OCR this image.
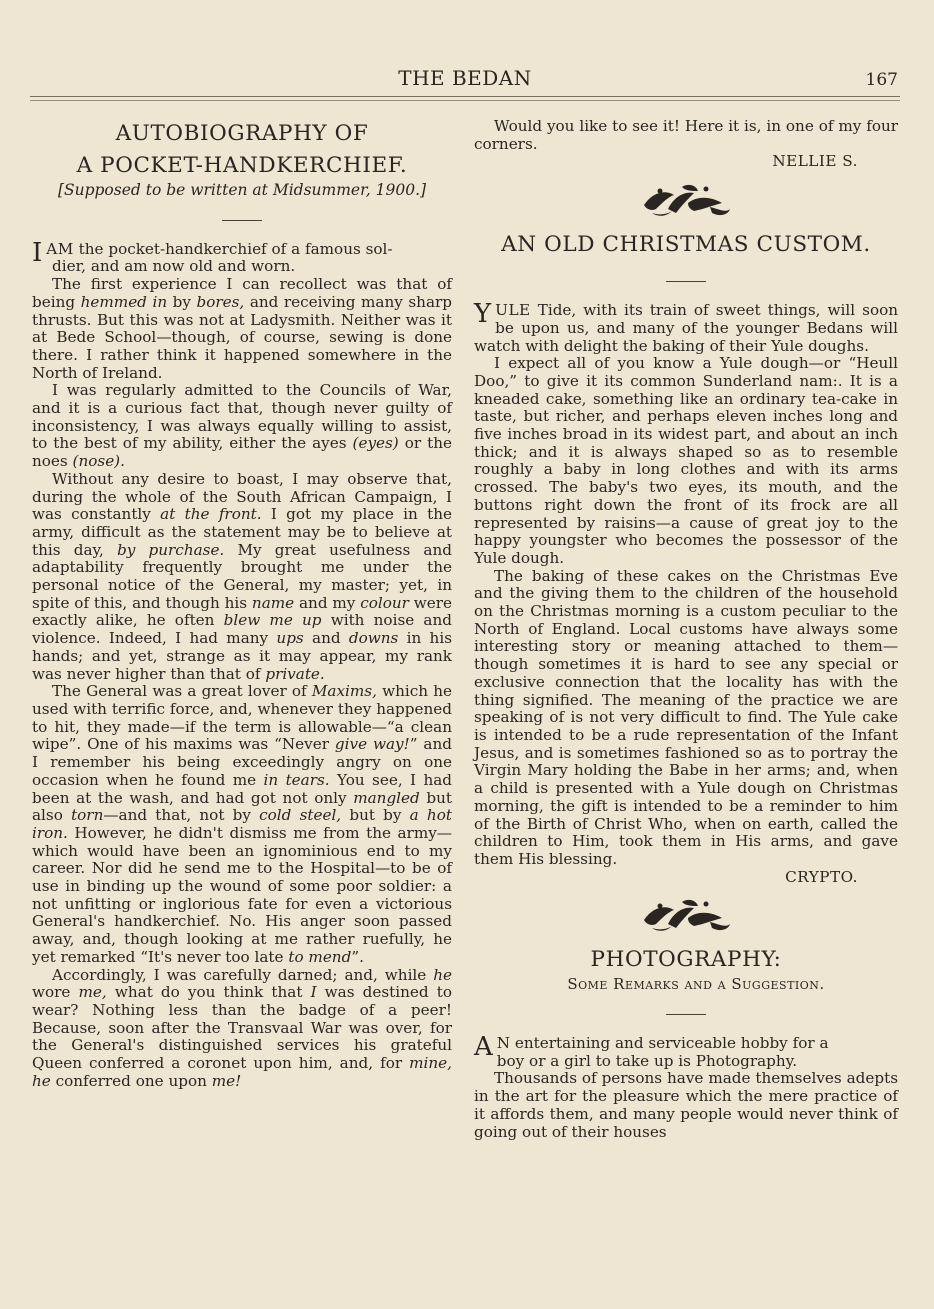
THE BEDAN	167
AUTOBIOGRAPHY OF
A POCKET-HANDKERCHIEF.

[Supposed to be written at Midsummer, 1900.]

IAM the pocket-handkerchief of a famous sol-
dier, and am now old and worn.

The first experience I can recollect was that of being hemmed in by bores, and receiving many sharp thrusts. But this was not at Ladysmith. Neither was it at Bede School—though, of course, sewing is done there. I rather think it happened somewhere in the North of Ireland.

I was regularly admitted to the Councils of War, and it is a curious fact that, though never guilty of inconsistency, I was always equally willing to assist, to the best of my ability, either the ayes (eyes) or the noes (nose).

Without any desire to boast, I may observe that, during the whole of the South African Campaign, I was constantly at the front. I got my place in the army, difficult as the statement may be to believe at this day, by purchase. My great usefulness and adaptability frequently brought me under the personal notice of the General, my master; yet, in spite of this, and though his name and my colour were exactly alike, he often blew me up with noise and violence. Indeed, I had many ups and downs in his hands; and yet, strange as it may appear, my rank was never higher than that of private.

The General was a great lover of Maxims, which he used with terrific force, and, whenever they happened to hit, they made—if the term is allowable—“a clean wipe”. One of his maxims was “Never give way!” and I remember his being exceedingly angry on one occasion when he found me in tears. You see, I had been at the wash, and had got not only mangled but also torn—and that, not by cold steel, but by a hot iron. However, he didn't dismiss me from the army—which would have been an ignominious end to my career. Nor did he send me to the Hospital—to be of use in binding up the wound of some poor soldier: a not unfitting or inglorious fate for even a victorious General's handkerchief. No. His anger soon passed away, and, though looking at me rather ruefully, he yet remarked “It's never too late to mend”.

Accordingly, I was carefully darned; and, while he wore me, what do you think that I was destined to wear? Nothing less than the badge of a peer! Because, soon after the Transvaal War was over, for the General's distinguished services his grateful Queen conferred a coronet upon him, and, for mine, he conferred one upon me!

Would you like to see it! Here it is, in one of my four corners.

NELLIE S.

AN OLD CHRISTMAS CUSTOM.

YULE Tide, with its train of sweet things, will soon be upon us, and many of the younger Bedans will watch with delight the baking of their Yule doughs.

I expect all of you know a Yule dough—or “Heull Doo,” to give it its common Sunderland nam:. It is a kneaded cake, something like an ordinary tea-cake in taste, but richer, and perhaps eleven inches long and five inches broad in its widest part, and about an inch thick; and it is always shaped so as to resemble roughly a baby in long clothes and with its arms crossed. The baby's two eyes, its mouth, and the buttons right down the front of its frock are all represented by raisins—a cause of great joy to the happy youngster who becomes the possessor of the Yule dough.

The baking of these cakes on the Christmas Eve and the giving them to the children of the household on the Christmas morning is a custom peculiar to the North of England. Local customs have always some interesting story or meaning attached to them—though sometimes it is hard to see any special or exclusive connection that the locality has with the thing signified. The meaning of the practice we are speaking of is not very difficult to find. The Yule cake is intended to be a rude representation of the Infant Jesus, and is sometimes fashioned so as to portray the Virgin Mary holding the Babe in her arms; and, when a child is presented with a Yule dough on Christmas morning, the gift is intended to be a reminder to him of the Birth of Christ Who, when on earth, called the children to Him, took them in His arms, and gave them His blessing.

CRYPTO.

PHOTOGRAPHY:

Some Remarks and a Suggestion.

A N entertaining and serviceable hobby for a
boy or a girl to take up is Photography.

Thousands of persons have made themselves adepts in the art for the pleasure which the mere practice of it affords them, and many people would never think of going out of their houses
